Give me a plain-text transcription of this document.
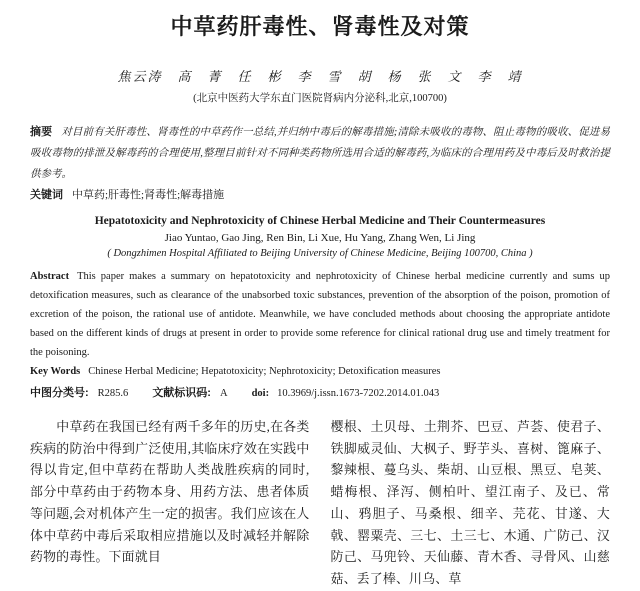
中草药肝毒性、肾毒性及对策
焦云涛　高　菁　任　彬　李　雪　胡　杨　张　文　李　靖
(北京中医药大学东直门医院肾病内分泌科,北京,100700)

摘要 对目前有关肝毒性、肾毒性的中草药作一总结,并归纳中毒后的解毒措施;清除未吸收的毒物、阻止毒物的吸收、促进易吸收毒物的排泄及解毒药的合理使用,整理目前针对不同种类药物所选用合适的解毒药,为临床的合理用药及中毒后及时救治提供参考。

关键词 中草药;肝毒性;肾毒性;解毒措施

Hepatotoxicity and Nephrotoxicity of Chinese Herbal Medicine and Their Countermeasures
Jiao Yuntao, Gao Jing, Ren Bin, Li Xue, Hu Yang, Zhang Wen, Li Jing
( Dongzhimen Hospital Affiliated to Beijing University of Chinese Medicine, Beijing 100700, China )

Abstract This paper makes a summary on hepatotoxicity and nephrotoxicity of Chinese herbal medicine currently and sums up detoxification measures, such as clearance of the unabsorbed toxic substances, prevention of the absorption of the poison, promotion of excretion of the poison, the rational use of antidote. Meanwhile, we have concluded methods about choosing the appropriate antidote based on the different kinds of drugs at present in order to provide some reference for clinical rational drug use and timely treatment for the poisoning.

Key Words Chinese Herbal Medicine; Hepatotoxicity; Nephrotoxicity; Detoxification measures

中图分类号: R285.6 文献标识码: A doi: 10.3969/j.issn.1673-7202.2014.01.043

　　中草药在我国已经有两千多年的历史,在各类疾病的防治中得到广泛使用,其临床疗效在实践中得以肯定,但中草药在帮助人类战胜疾病的同时,部分中草药由于药物本身、用药方法、患者体质等问题,会对机体产生一定的损害。我们应该在人体中草药中毒后采取相应措施以及时减轻并解除药物的毒性。下面就目
樱根、土贝母、土荆芥、巴豆、芦荟、使君子、铁脚威灵仙、大枫子、野芋头、喜树、篦麻子、黎辣根、蔓乌头、柴胡、山豆根、黑豆、皂荚、蜡梅根、泽泻、侧柏叶、望江南子、及已、常山、鸦胆子、马桑根、细辛、芫花、甘遂、大戟、罂粟壳、三七、土三七、木通、广防己、汉防己、马兜铃、天仙藤、青木香、寻骨风、山慈菇、丢了棒、川乌、草
